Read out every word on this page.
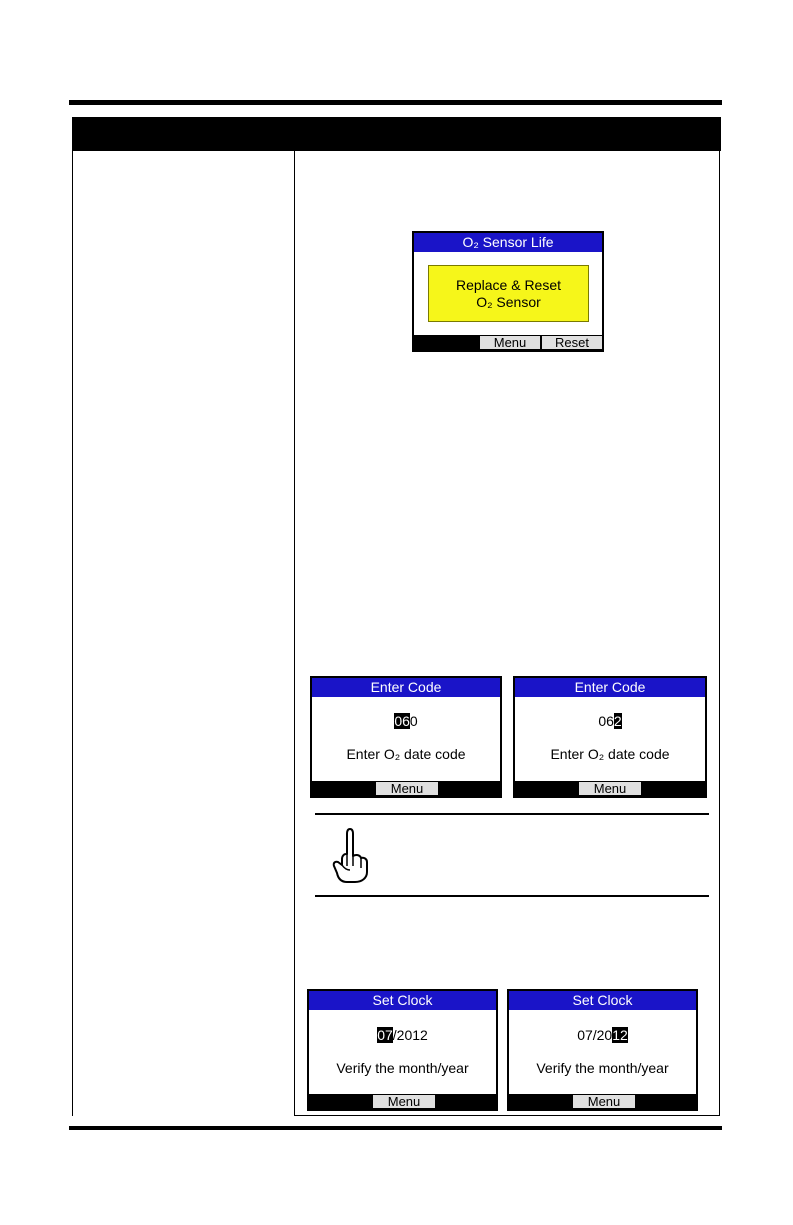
O₂ Sensor Life
Replace & Reset
O₂ Sensor
Menu	Reset
Enter Code
060
Enter O₂ date code
Menu
Enter Code
062
Enter O₂ date code
Menu
Set Clock
07/2012
Verify the month/year
Menu
Set Clock
07/2012
Verify the month/year
Menu
